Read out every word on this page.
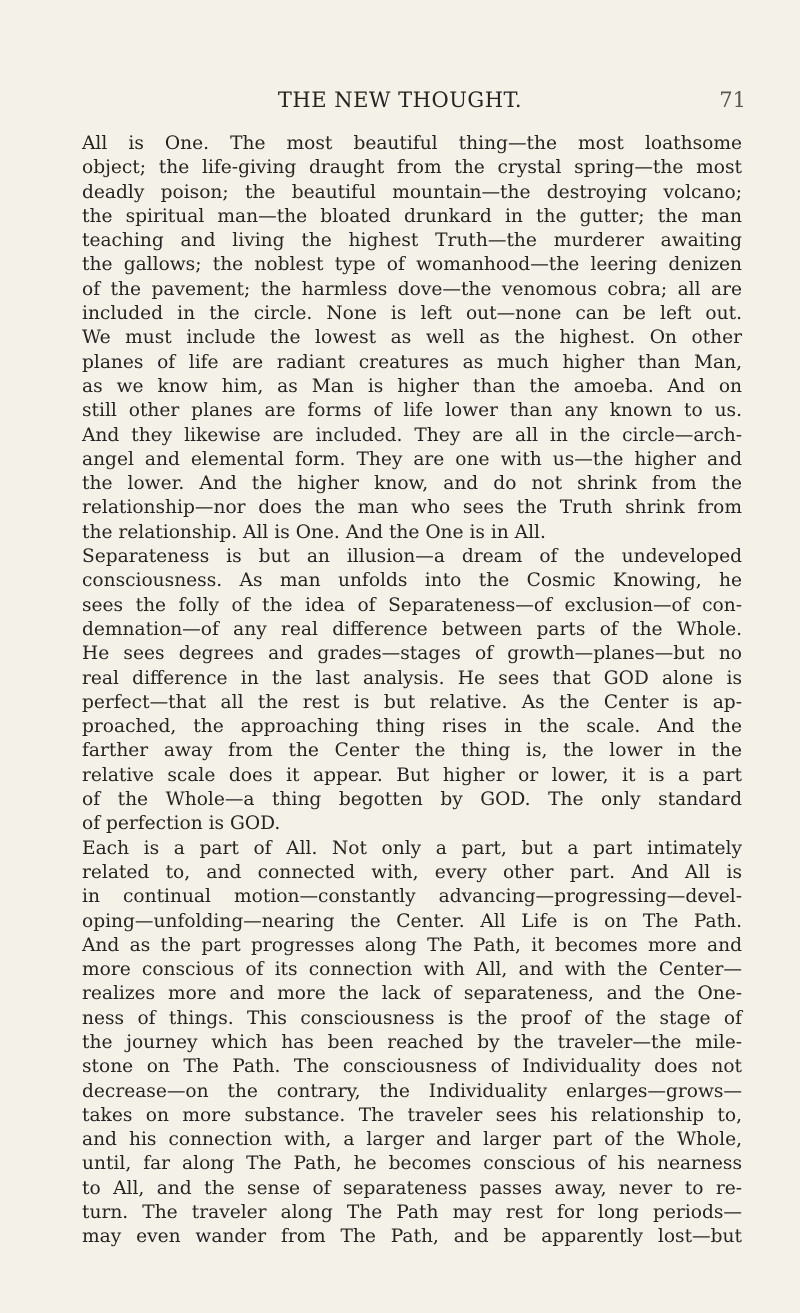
THE NEW THOUGHT.	71
All is One. The most beautiful thing—the most loathsome
object; the life-giving draught from the crystal spring—the most
deadly poison; the beautiful mountain—the destroying volcano;
the spiritual man—the bloated drunkard in the gutter; the man
teaching and living the highest Truth—the murderer awaiting
the gallows; the noblest type of womanhood—the leering denizen
of the pavement; the harmless dove—the venomous cobra; all are
included in the circle. None is left out—none can be left out.
We must include the lowest as well as the highest. On other
planes of life are radiant creatures as much higher than Man,
as we know him, as Man is higher than the amoeba. And on
still other planes are forms of life lower than any known to us.
And they likewise are included. They are all in the circle—arch-
angel and elemental form. They are one with us—the higher and
the lower. And the higher know, and do not shrink from the
relationship—nor does the man who sees the Truth shrink from
the relationship. All is One. And the One is in All.
Separateness is but an illusion—a dream of the undeveloped
consciousness. As man unfolds into the Cosmic Knowing, he
sees the folly of the idea of Separateness—of exclusion—of con-
demnation—of any real difference between parts of the Whole.
He sees degrees and grades—stages of growth—planes—but no
real difference in the last analysis. He sees that GOD alone is
perfect—that all the rest is but relative. As the Center is ap-
proached, the approaching thing rises in the scale. And the
farther away from the Center the thing is, the lower in the
relative scale does it appear. But higher or lower, it is a part
of the Whole—a thing begotten by GOD. The only standard
of perfection is GOD.
Each is a part of All. Not only a part, but a part intimately
related to, and connected with, every other part. And All is
in continual motion—constantly advancing—progressing—devel-
oping—unfolding—nearing the Center. All Life is on The Path.
And as the part progresses along The Path, it becomes more and
more conscious of its connection with All, and with the Center—
realizes more and more the lack of separateness, and the One-
ness of things. This consciousness is the proof of the stage of
the journey which has been reached by the traveler—the mile-
stone on The Path. The consciousness of Individuality does not
decrease—on the contrary, the Individuality enlarges—grows—
takes on more substance. The traveler sees his relationship to,
and his connection with, a larger and larger part of the Whole,
until, far along The Path, he becomes conscious of his nearness
to All, and the sense of separateness passes away, never to re-
turn. The traveler along The Path may rest for long periods—
may even wander from The Path, and be apparently lost—but
